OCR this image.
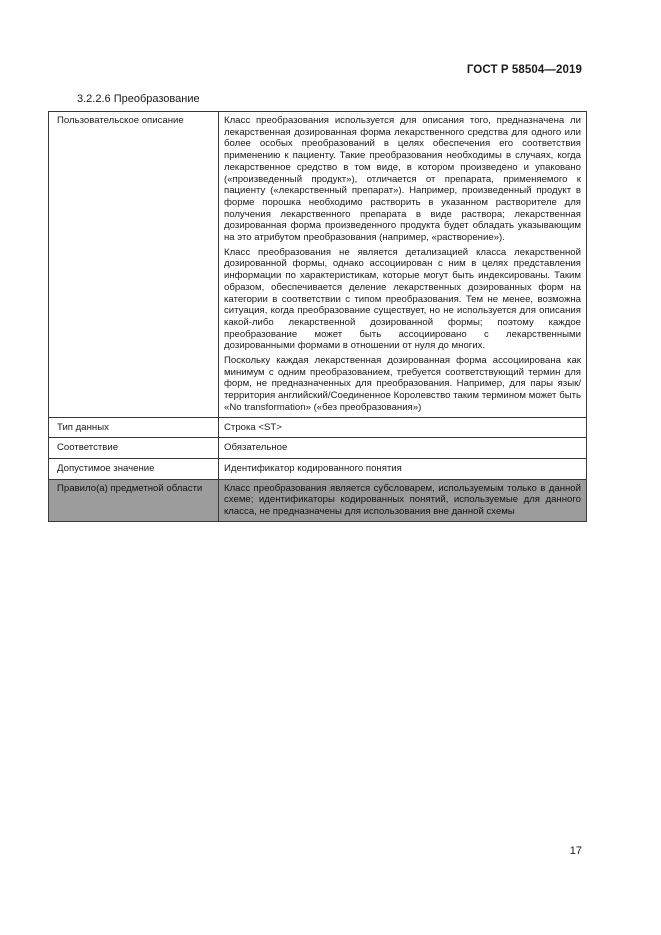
ГОСТ Р 58504—2019
3.2.2.6 Преобразование
Пользовательское описание	Класс преобразования используется для описания того, предназначена ли лекарственная дозированная форма лекарственного средства для одного или более особых преобразований в целях обеспечения его соответствия применению к пациенту. Такие преобразования необходимы в случаях, когда лекарственное средство в том виде, в котором произведено и упаковано («произведенный продукт»), отличается от препарата, применяемого к пациенту («лекарственный препарат»). Например, произведенный продукт в форме порошка необходимо растворить в указанном растворителе для получения лекарственного препарата в виде раствора; лекарственная дозированная форма произведенного продукта будет обладать указывающим на это атрибутом преобразования (например, «растворение»).

Класс преобразования не является детализацией класса лекарственной дозированной формы, однако ассоциирован с ним в целях представления информации по характеристикам, которые могут быть индексированы. Таким образом, обеспечивается деление лекарственных дозированных форм на категории в соответствии с типом преобразования. Тем не менее, возможна ситуация, когда преобразование существует, но не используется для описания какой-либо лекарственной дозированной формы; поэтому каждое преобразование может быть ассоциировано с лекарственными дозированными формами в отношении от нуля до многих.

Поскольку каждая лекарственная дозированная форма ассоциирована как минимум с одним преобразованием, требуется соответствующий термин для форм, не предназначенных для преобразования. Например, для пары язык/территория английский/Соединенное Королевство таким термином может быть «No transformation» («без преобразования»)

Тип данных	Строка <ST>
Соответствие	Обязательное
Допустимое значение	Идентификатор кодированного понятия
Правило(а) предметной области	Класс преобразования является субсловарем, используемым только в данной схеме; идентификаторы кодированных понятий, используемые для данного класса, не предназначены для использования вне данной схемы

17
